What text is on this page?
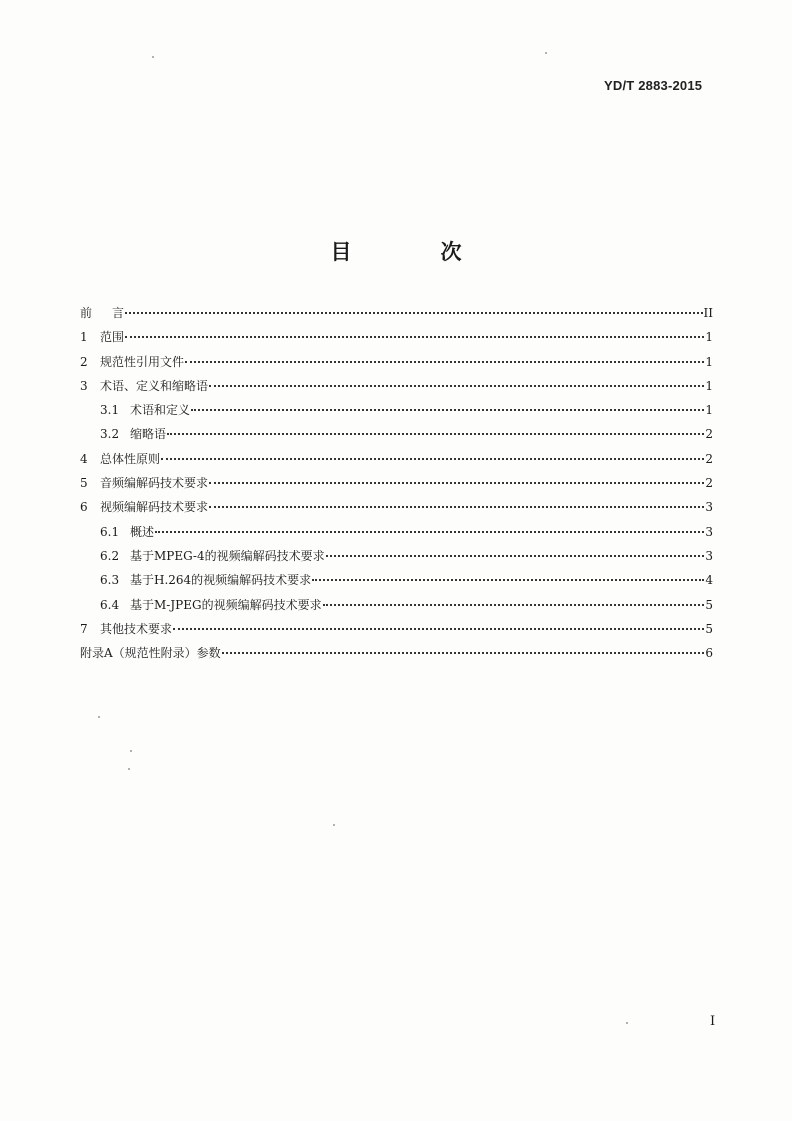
YD/T 2883-2015
目　次
前 　言	II
1	范围	1
2	规范性引用文件	1
3	术语、定义和缩略语	1
3.1 术语和定义	1
3.2 缩略语	2
4	总体性原则	2
5	音频编解码技术要求	2
6	视频编解码技术要求	3
6.1 概述	3
6.2 基于MPEG-4的视频编解码技术要求	3
6.3 基于H.264的视频编解码技术要求	4
6.4 基于M-JPEG的视频编解码技术要求	5
7	其他技术要求	5
附录A（规范性附录）参数	6
I
